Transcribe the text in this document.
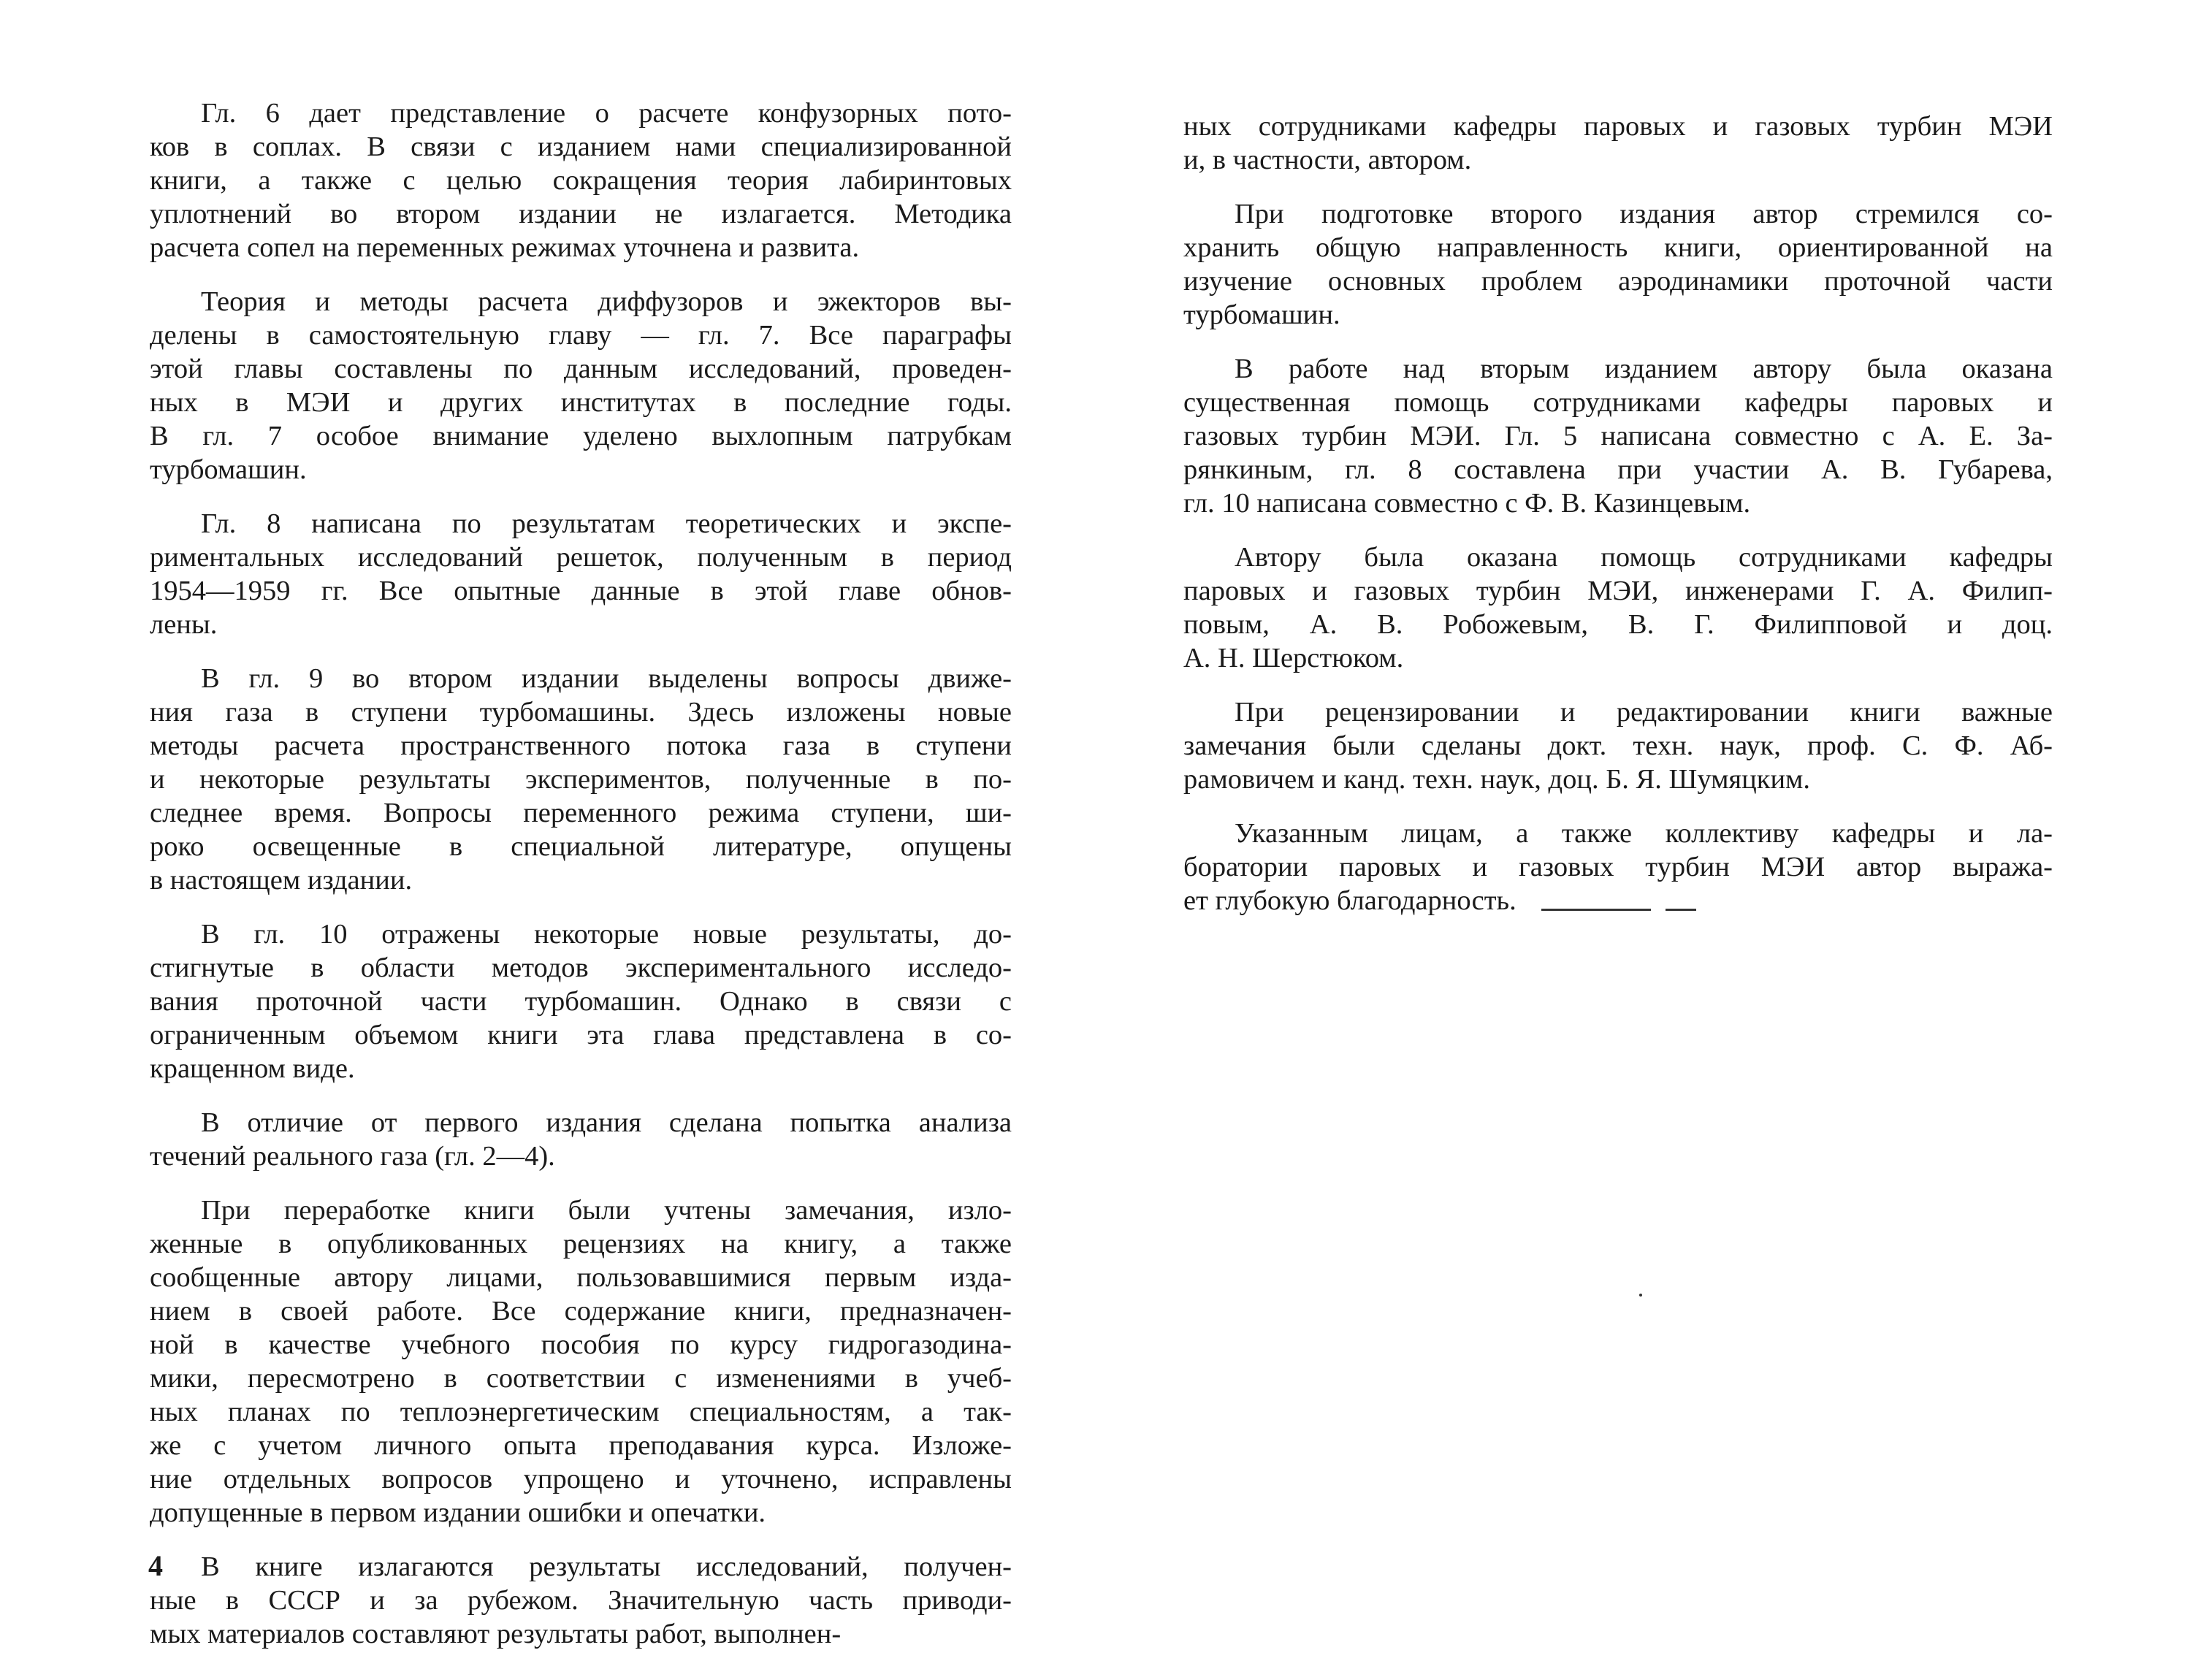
Гл. 6 дает представление о расчете конфузорных пото-
ков в соплах. В связи с изданием нами специализированной
книги, а также с целью сокращения теория лабиринтовых
уплотнений во втором издании не излагается. Методика
расчета сопел на переменных режимах уточнена и развита.
Теория и методы расчета диффузоров и эжекторов вы-
делены в самостоятельную главу — гл. 7. Все параграфы
этой главы составлены по данным исследований, проведен-
ных в МЭИ и других институтах в последние годы.
В гл. 7 особое внимание уделено выхлопным патрубкам
турбомашин.
Гл. 8 написана по результатам теоретических и экспе-
риментальных исследований решеток, полученным в период
1954—1959 гг. Все опытные данные в этой главе обнов-
лены.
В гл. 9 во втором издании выделены вопросы движе-
ния газа в ступени турбомашины. Здесь изложены новые
методы расчета пространственного потока газа в ступени
и некоторые результаты экспериментов, полученные в по-
следнее время. Вопросы переменного режима ступени, ши-
роко освещенные в специальной литературе, опущены
в настоящем издании.
В гл. 10 отражены некоторые новые результаты, до-
стигнутые в области методов экспериментального исследо-
вания проточной части турбомашин. Однако в связи с
ограниченным объемом книги эта глава представлена в со-
кращенном виде.
В отличие от первого издания сделана попытка анализа
течений реального газа (гл. 2—4).
При переработке книги были учтены замечания, изло-
женные в опубликованных рецензиях на книгу, а также
сообщенные автору лицами, пользовавшимися первым изда-
нием в своей работе. Все содержание книги, предназначен-
ной в качестве учебного пособия по курсу гидрогазодина-
мики, пересмотрено в соответствии с изменениями в учеб-
ных планах по теплоэнергетическим специальностям, а так-
же с учетом личного опыта преподавания курса. Изложе-
ние отдельных вопросов упрощено и уточнено, исправлены
допущенные в первом издании ошибки и опечатки.
В книге излагаются результаты исследований, получен-
ные в СССР и за рубежом. Значительную часть приводи-
мых материалов составляют результаты работ, выполнен-
ных сотрудниками кафедры паровых и газовых турбин МЭИ
и, в частности, автором.
При подготовке второго издания автор стремился со-
хранить общую направленность книги, ориентированной на
изучение основных проблем аэродинамики проточной части
турбомашин.
В работе над вторым изданием автору была оказана
существенная помощь сотрудниками кафедры паровых и
газовых турбин МЭИ. Гл. 5 написана совместно с А. Е. За-
рянкиным, гл. 8 составлена при участии А. В. Губарева,
гл. 10 написана совместно с Ф. В. Казинцевым.
Автору была оказана помощь сотрудниками кафедры
паровых и газовых турбин МЭИ, инженерами Г. А. Филип-
повым, А. В. Робожевым, В. Г. Филипповой и доц.
А. Н. Шерстюком.
При рецензировании и редактировании книги важные
замечания были сделаны докт. техн. наук, проф. С. Ф. Аб-
рамовичем и канд. техн. наук, доц. Б. Я. Шумяцким.
Указанным лицам, а также коллективу кафедры и ла-
боратории паровых и газовых турбин МЭИ автор выража-
ет глубокую благодарность.

4
